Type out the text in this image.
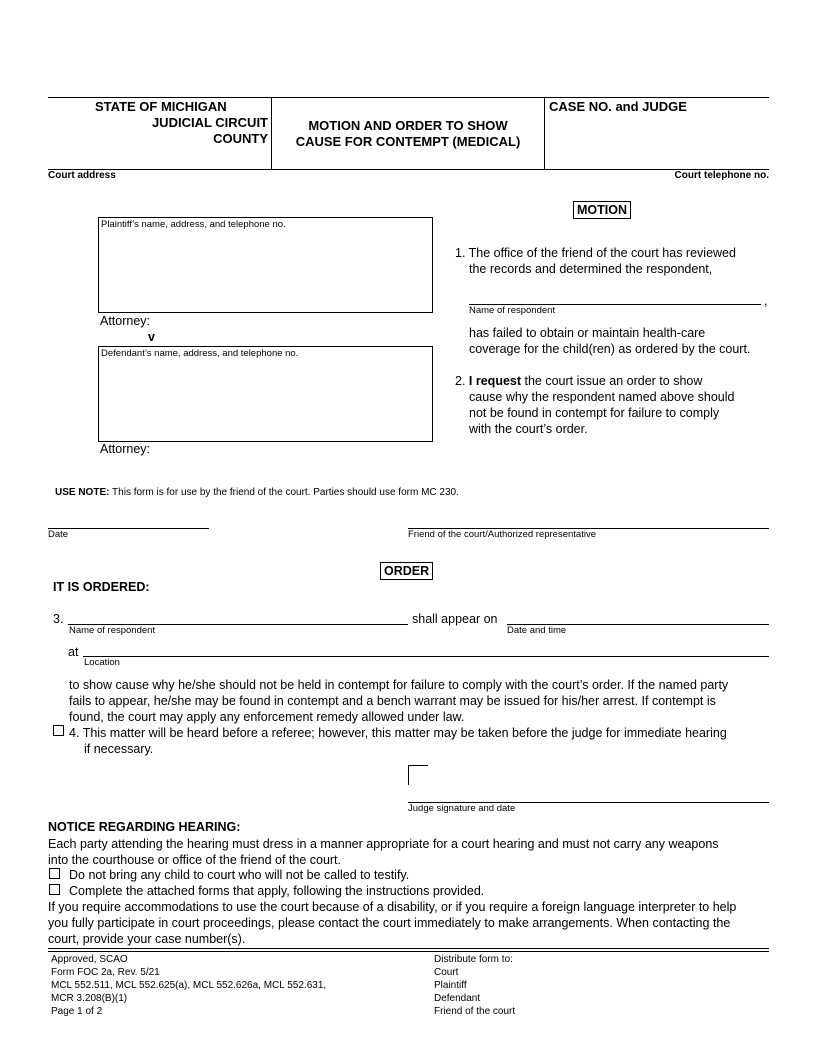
STATE OF MICHIGAN
JUDICIAL CIRCUIT
COUNTY
MOTION AND ORDER TO SHOW
CAUSE FOR CONTEMPT (MEDICAL)
CASE NO. and JUDGE
Court address	Court telephone no.
Plaintiff’s name, address, and telephone no.
Attorney:
v
Defendant’s name, address, and telephone no.
Attorney:
MOTION
1. The office of the friend of the court has reviewed
the records and determined the respondent,
,
Name of respondent
has failed to obtain or maintain health-care
coverage for the child(ren) as ordered by the court.
2. I request the court issue an order to show
cause why the respondent named above should
not be found in contempt for failure to comply
with the court’s order.
USE NOTE: This form is for use by the friend of the court. Parties should use form MC 230.
Date	Friend of the court/Authorized representative
ORDER
IT IS ORDERED:
3.
Name of respondent
shall appear on
Date and time
at
Location
to show cause why he/she should not be held in contempt for failure to comply with the court’s order. If the named party
fails to appear, he/she may be found in contempt and a bench warrant may be issued for his/her arrest. If contempt is
found, the court may apply any enforcement remedy allowed under law.
4. This matter will be heard before a referee; however, this matter may be taken before the judge for immediate hearing
if necessary.
Judge signature and date
NOTICE REGARDING HEARING:
Each party attending the hearing must dress in a manner appropriate for a court hearing and must not carry any weapons
into the courthouse or office of the friend of the court.
Do not bring any child to court who will not be called to testify.
Complete the attached forms that apply, following the instructions provided.
If you require accommodations to use the court because of a disability, or if you require a foreign language interpreter to help
you fully participate in court proceedings, please contact the court immediately to make arrangements. When contacting the
court, provide your case number(s).
Approved, SCAO
Form FOC 2a, Rev. 5/21
MCL 552.511, MCL 552.625(a), MCL 552.626a, MCL 552.631,
MCR 3.208(B)(1)
Page 1 of 2
Distribute form to:
Court
Plaintiff
Defendant
Friend of the court
